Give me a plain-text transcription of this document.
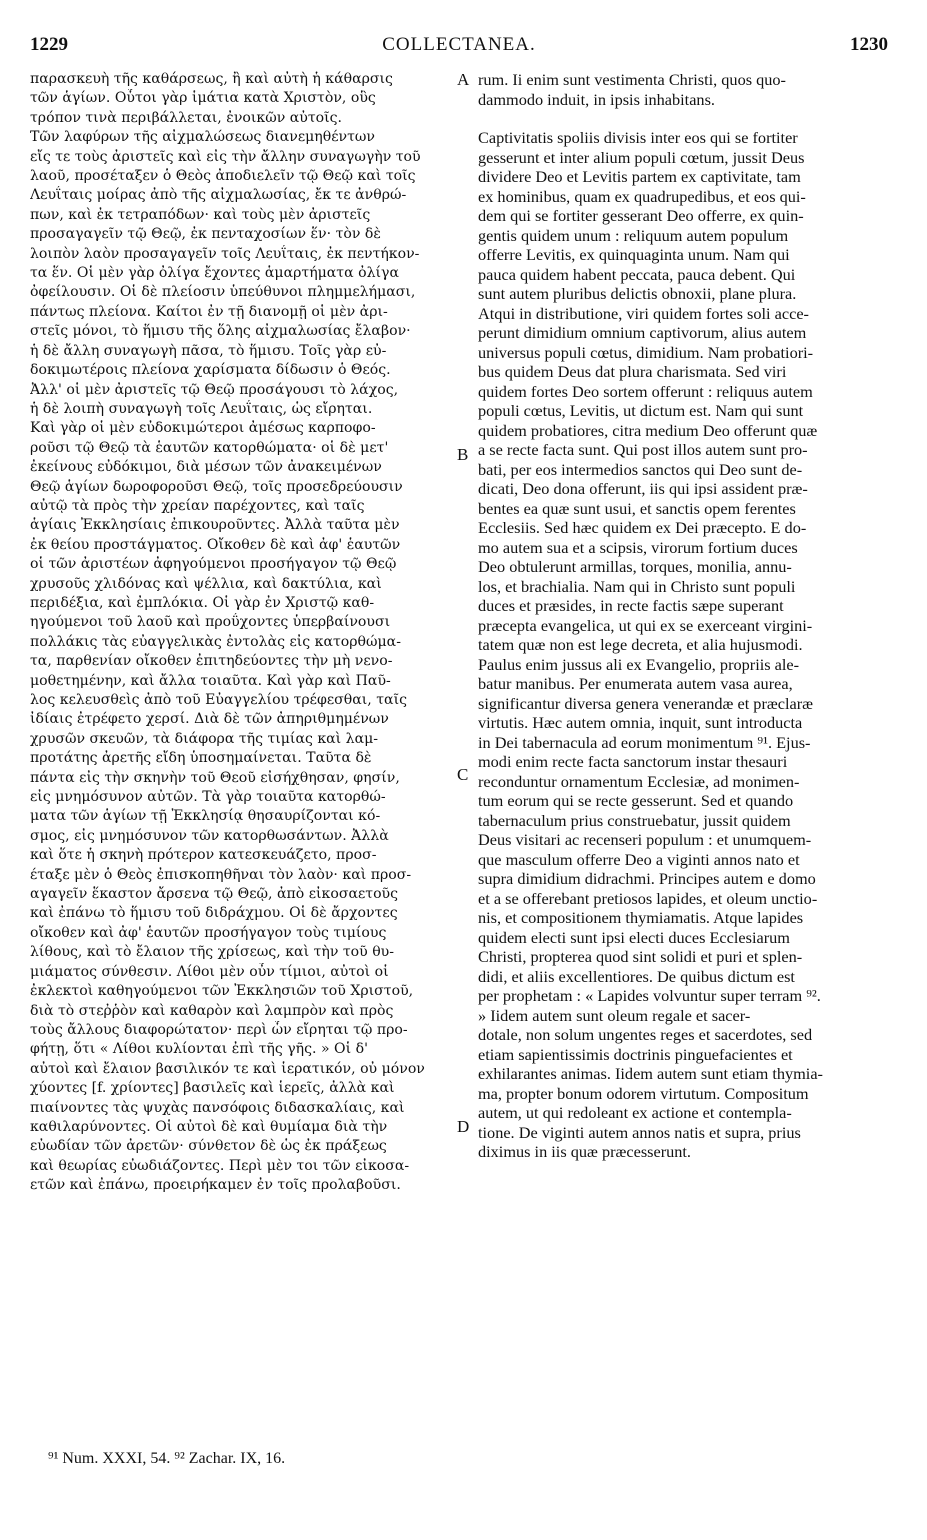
1229	COLLECTANEA.	1230
A
B
C
D
παρασκευὴ τῆς καθάρσεως, ἢ καὶ αὐτὴ ἡ κάθαρσις
τῶν ἁγίων. Οὗτοι γὰρ ἱμάτια κατὰ Χριστὸν, οὓς
τρόπον τινὰ περιβάλλεται, ἐνοικῶν αὐτοῖς.
Τῶν λαφύρων τῆς αἰχμαλώσεως διανεμηθέντων
εἴς τε τοὺς ἀριστεῖς καὶ εἰς τὴν ἄλλην συναγωγὴν τοῦ
λαοῦ, προσέταξεν ὁ Θεὸς ἀποδιελεῖν τῷ Θεῷ καὶ τοῖς
Λευΐταις μοίρας ἀπὸ τῆς αἰχμαλωσίας, ἔκ τε ἀνθρώ-
πων, καὶ ἐκ τετραπόδων· καὶ τοὺς μὲν ἀριστεῖς
προσαγαγεῖν τῷ Θεῷ, ἐκ πενταχοσίων ἕν· τὸν δὲ
λοιπὸν λαὸν προσαγαγεῖν τοῖς Λευΐταις, ἐκ πεντήκον-
τα ἕν. Οἱ μὲν γὰρ ὀλίγα ἔχοντες ἁμαρτήματα ὀλίγα
ὀφείλουσιν. Οἱ δὲ πλείοσιν ὑπεύθυνοι πλημμελήμασι,
πάντως πλείονα. Καίτοι ἐν τῇ διανομῇ οἱ μὲν ἀρι-
στεῖς μόνοι, τὸ ἥμισυ τῆς ὅλης αἰχμαλωσίας ἔλαβον·
ἡ δὲ ἄλλη συναγωγὴ πᾶσα, τὸ ἥμισυ. Τοῖς γὰρ εὐ-
δοκιμωτέροις πλείονα χαρίσματα δίδωσιν ὁ Θεός.
Ἀλλ' οἱ μὲν ἀριστεῖς τῷ Θεῷ προσάγουσι τὸ λάχος,
ἡ δὲ λοιπὴ συναγωγὴ τοῖς Λευΐταις, ὡς εἴρηται.
Καὶ γὰρ οἱ μὲν εὐδοκιμώτεροι ἀμέσως καρποφο-
ροῦσι τῷ Θεῷ τὰ ἑαυτῶν κατορθώματα· οἱ δὲ μετ'
ἐκείνους εὐδόκιμοι, διὰ μέσων τῶν ἀνακειμένων
Θεῷ ἁγίων δωροφοροῦσι Θεῷ, τοῖς προσεδρεύουσιν
αὐτῷ τὰ πρὸς τὴν χρείαν παρέχοντες, καὶ ταῖς
ἁγίαις Ἐκκλησίαις ἐπικουροῦντες. Ἀλλὰ ταῦτα μὲν
ἐκ θείου προστάγματος. Οἴκοθεν δὲ καὶ ἀφ' ἑαυτῶν
οἱ τῶν ἀριστέων ἀφηγούμενοι προσήγαγον τῷ Θεῷ
χρυσοῦς χλιδόνας καὶ ψέλλια, καὶ δακτύλια, καὶ
περιδέξια, καὶ ἐμπλόκια. Οἱ γὰρ ἐν Χριστῷ καθ-
ηγούμενοι τοῦ λαοῦ καὶ προΰχοντες ὑπερβαίνουσι
πολλάκις τὰς εὐαγγελικὰς ἐντολὰς εἰς κατορθώμα-
τα, παρθενίαν οἴκοθεν ἐπιτηδεύοντες τὴν μὴ νενο-
μοθετημένην, καὶ ἄλλα τοιαῦτα. Καὶ γὰρ καὶ Παῦ-
λος κελευσθεὶς ἀπὸ τοῦ Εὐαγγελίου τρέφεσθαι, ταῖς
ἰδίαις ἐτρέφετο χερσί. Διὰ δὲ τῶν ἀπηριθμημένων
χρυσῶν σκευῶν, τὰ διάφορα τῆς τιμίας καὶ λαμ-
προτάτης ἀρετῆς εἴδη ὑποσημαίνεται. Ταῦτα δὲ
πάντα εἰς τὴν σκηνὴν τοῦ Θεοῦ εἰσήχθησαν, φησίν,
εἰς μνημόσυνον αὐτῶν. Τὰ γὰρ τοιαῦτα κατορθώ-
ματα τῶν ἁγίων τῇ Ἐκκλησίᾳ θησαυρίζονται κό-
σμος, εἰς μνημόσυνον τῶν κατορθωσάντων. Ἀλλὰ
καὶ ὅτε ἡ σκηνὴ πρότερον κατεσκευάζετο, προσ-
έταξε μὲν ὁ Θεὸς ἐπισκοπηθῆναι τὸν λαὸν· καὶ προσ-
αγαγεῖν ἕκαστον ἄρσενα τῷ Θεῷ, ἀπὸ εἰκοσαετοῦς
καὶ ἐπάνω τὸ ἥμισυ τοῦ διδράχμου. Οἱ δὲ ἄρχοντες
οἴκοθεν καὶ ἀφ' ἑαυτῶν προσήγαγον τοὺς τιμίους
λίθους, καὶ τὸ ἔλαιον τῆς χρίσεως, καὶ τὴν τοῦ θυ-
μιάματος σύνθεσιν. Λίθοι μὲν οὖν τίμιοι, αὐτοὶ οἱ
ἐκλεκτοὶ καθηγούμενοι τῶν Ἐκκλησιῶν τοῦ Χριστοῦ,
διὰ τὸ στεῤῥὸν καὶ καθαρὸν καὶ λαμπρὸν καὶ πρὸς
τοὺς ἄλλους διαφορώτατον· περὶ ὧν εἴρηται τῷ προ-
φήτῃ, ὅτι « Λίθοι κυλίονται ἐπὶ τῆς γῆς. » Οἱ δ'
αὐτοὶ καὶ ἔλαιον βασιλικόν τε καὶ ἱερατικόν, οὐ μόνον
χύοντες [f. χρίοντες] βασιλεῖς καὶ ἱερεῖς, ἀλλὰ καὶ
πιαίνοντες τὰς ψυχὰς πανσόφοις διδασκαλίαις, καὶ
καθιλαρύνοντες. Οἱ αὐτοὶ δὲ καὶ θυμίαμα διὰ τὴν
εὐωδίαν τῶν ἀρετῶν· σύνθετον δὲ ὡς ἐκ πράξεως
καὶ θεωρίας εὐωδιάζοντες. Περὶ μὲν τοι τῶν εἰκοσα-
ετῶν καὶ ἐπάνω, προειρήκαμεν ἐν τοῖς προλαβοῦσι.
rum. Ii enim sunt vestimenta Christi, quos quo-
dammodo induit, in ipsis inhabitans.
Captivitatis spoliis divisis inter eos qui se fortiter
gesserunt et inter alium populi cœtum, jussit Deus
dividere Deo et Levitis partem ex captivitate, tam
ex hominibus, quam ex quadrupedibus, et eos qui-
dem qui se fortiter gesserant Deo offerre, ex quin-
gentis quidem unum : reliquum autem populum
offerre Levitis, ex quinquaginta unum. Nam qui
pauca quidem habent peccata, pauca debent. Qui
sunt autem pluribus delictis obnoxii, plane plura.
Atqui in distributione, viri quidem fortes soli acce-
perunt dimidium omnium captivorum, alius autem
universus populi cœtus, dimidium. Nam probatiori-
bus quidem Deus dat plura charismata. Sed viri
quidem fortes Deo sortem offerunt : reliquus autem
populi cœtus, Levitis, ut dictum est. Nam qui sunt
quidem probatiores, citra medium Deo offerunt quæ
a se recte facta sunt. Qui post illos autem sunt pro-
bati, per eos intermedios sanctos qui Deo sunt de-
dicati, Deo dona offerunt, iis qui ipsi assident præ-
bentes ea quæ sunt usui, et sanctis opem ferentes
Ecclesiis. Sed hæc quidem ex Dei præcepto. E do-
mo autem sua et a scipsis, virorum fortium duces
Deo obtulerunt armillas, torques, monilia, annu-
los, et brachialia. Nam qui in Christo sunt populi
duces et præsides, in recte factis sæpe superant
præcepta evangelica, ut qui ex se exerceant virgini-
tatem quæ non est lege decreta, et alia hujusmodi.
Paulus enim jussus ali ex Evangelio, propriis ale-
batur manibus. Per enumerata autem vasa aurea,
significantur diversa genera venerandæ et præclaræ
virtutis. Hæc autem omnia, inquit, sunt introducta
in Dei tabernacula ad eorum monimentum ⁹¹. Ejus-
modi enim recte facta sanctorum instar thesauri
reconduntur ornamentum Ecclesiæ, ad monimen-
tum eorum qui se recte gesserunt. Sed et quando
tabernaculum prius construebatur, jussit quidem
Deus visitari ac recenseri populum : et unumquem-
que masculum offerre Deo a viginti annos nato et
supra dimidium didrachmi. Principes autem e domo
et a se offerebant pretiosos lapides, et oleum unctio-
nis, et compositionem thymiamatis. Atque lapides
quidem electi sunt ipsi electi duces Ecclesiarum
Christi, propterea quod sint solidi et puri et splen-
didi, et aliis excellentiores. De quibus dictum est
per prophetam : « Lapides volvuntur super terram ⁹².
» Iidem autem sunt oleum regale et sacer-
dotale, non solum ungentes reges et sacerdotes, sed
etiam sapientissimis doctrinis pinguefacientes et
exhilarantes animas. Iidem autem sunt etiam thymia-
ma, propter bonum odorem virtutum. Compositum
autem, ut qui redoleant ex actione et contempla-
tione. De viginti autem annos natis et supra, prius
diximus in iis quæ præcesserunt.
⁹¹ Num. XXXI, 54. ⁹² Zachar. IX, 16.
